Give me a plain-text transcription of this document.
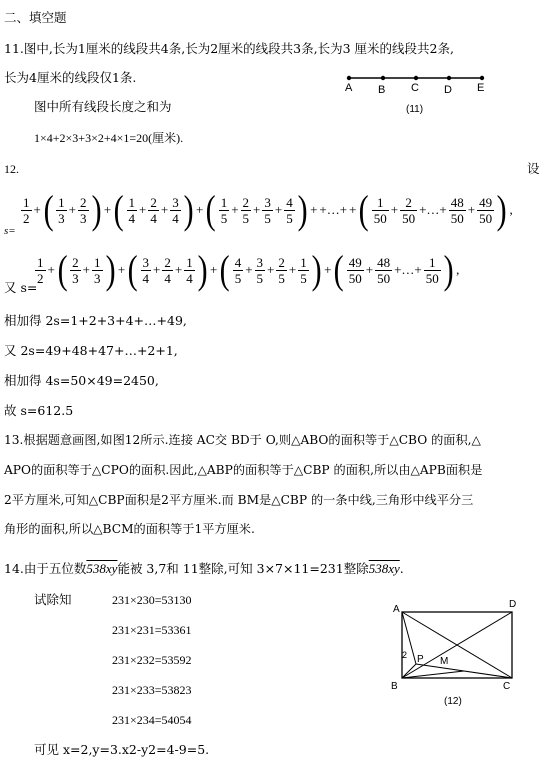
二、填空题
11.图中,长为1厘米的线段共4条,长为2厘米的线段共3条,长为3 厘米的线段共2条,
长为4厘米的线段仅1条.
图中所有线段长度之和为
1×4+2×3+3×2+4×1=20(厘米).
A B C D E
(11)
12.	设
s=
$\frac{1}{2}$ + ( $\frac{1}{3} + \frac{2}{3}$ ) + ( $\frac{1}{4} + \frac{2}{4} + \frac{3}{4}$ ) + ( $\frac{1}{5} + \frac{2}{5} + \frac{3}{5} + \frac{4}{5}$ ) + +…+ + ( $\frac{1}{50} + \frac{2}{50}$ +…+ $\frac{48}{50} + \frac{49}{50}$ ) ,
又 s=
$\frac{1}{2}$ + ( $\frac{2}{3} + \frac{1}{3}$ ) + ( $\frac{3}{4} + \frac{2}{4} + \frac{1}{4}$ ) + ( $\frac{4}{5} + \frac{3}{5} + \frac{2}{5} + \frac{1}{5}$ ) + ( $\frac{49}{50} + \frac{48}{50}$ +…+ $\frac{1}{50}$ ) ,
相加得 2s=1+2+3+4+…+49,
又 2s=49+48+47+…+2+1,
相加得 4s=50×49=2450,
故 s=612.5
13.根据题意画图,如图12所示.连接 AC交 BD于 O,则△ABO的面积等于△CBO 的面积,△
APO的面积等于△CPO的面积.因此,△ABP的面积等于△CBP 的面积,所以由△APB面积是
2平方厘米,可知△CBP面积是2平方厘米.而 BM是△CBP 的一条中线,三角形中线平分三
角形的面积,所以△BCM的面积等于1平方厘米.
14.由于五位数538xy能被 3,7和 11整除,可知 3×7×11=231整除538xy.
试除知	231×230=53130
231×231=53361
231×232=53592
231×233=53823
231×234=54054
可见 x=2,y=3.x2-y2=4-9=5.
A	D
B	C
P M
2
(12)
